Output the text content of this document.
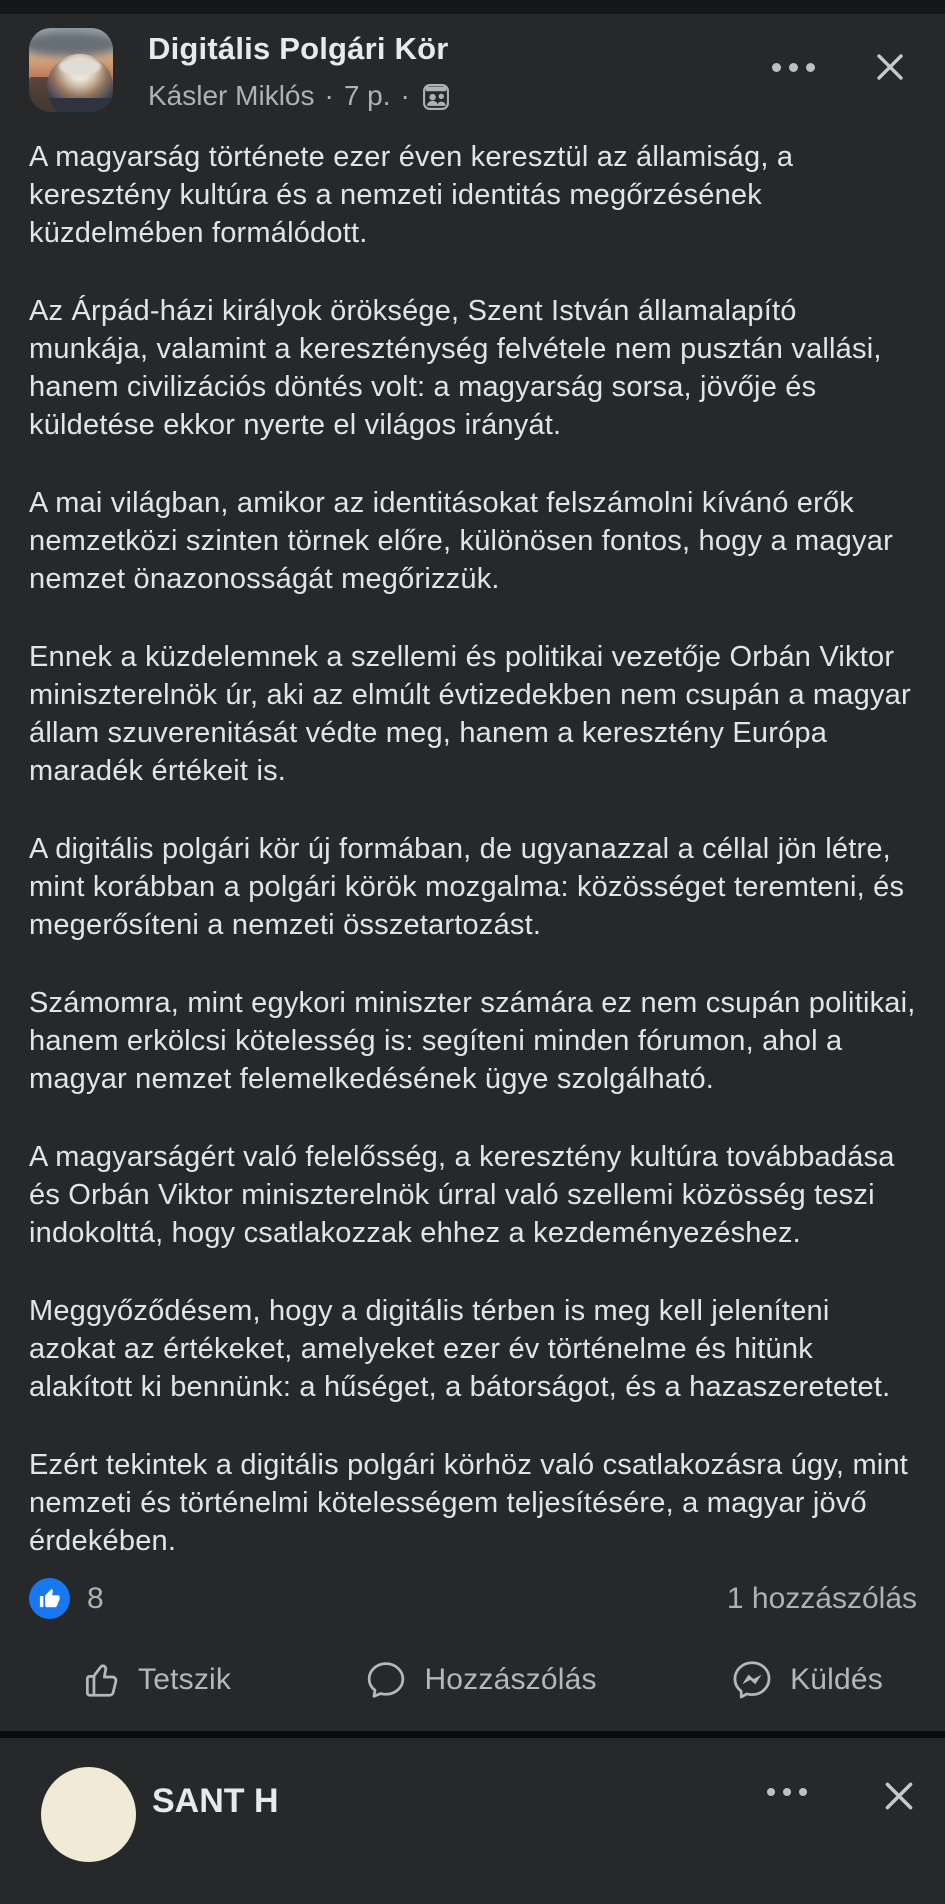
Digitális Polgári Kör
Kásler Miklós · 7 p. ·

A magyarság története ezer éven keresztül az államiság, a keresztény kultúra és a nemzeti identitás megőrzésének küzdelmében formálódott.

Az Árpád-házi királyok öröksége, Szent István államalapító munkája, valamint a kereszténység felvétele nem pusztán vallási, hanem civilizációs döntés volt: a magyarság sorsa, jövője és küldetése ekkor nyerte el világos irányát.

A mai világban, amikor az identitásokat felszámolni kívánó erők nemzetközi szinten törnek előre, különösen fontos, hogy a magyar nemzet önazonosságát megőrizzük.

Ennek a küzdelemnek a szellemi és politikai vezetője Orbán Viktor miniszterelnök úr, aki az elmúlt évtizedekben nem csupán a magyar állam szuverenitását védte meg, hanem a keresztény Európa maradék értékeit is.

A digitális polgári kör új formában, de ugyanazzal a céllal jön létre, mint korábban a polgári körök mozgalma: közösséget teremteni, és megerősíteni a nemzeti összetartozást.

Számomra, mint egykori miniszter számára ez nem csupán politikai, hanem erkölcsi kötelesség is: segíteni minden fórumon, ahol a magyar nemzet felemelkedésének ügye szolgálható.

A magyarságért való felelősség, a keresztény kultúra továbbadása és Orbán Viktor miniszterelnök úrral való szellemi közösség teszi indokolttá, hogy csatlakozzak ehhez a kezdeményezéshez.

Meggyőződésem, hogy a digitális térben is meg kell jeleníteni azokat az értékeket, amelyeket ezer év történelme és hitünk alakított ki bennünk: a hűséget, a bátorságot, és a hazaszeretetet.

Ezért tekintek a digitális polgári körhöz való csatlakozásra úgy, mint nemzeti és történelmi kötelességem teljesítésére, a magyar jövő érdekében.

8	1 hozzászólás
Tetszik	Hozzászólás	Küldés
SANT H
